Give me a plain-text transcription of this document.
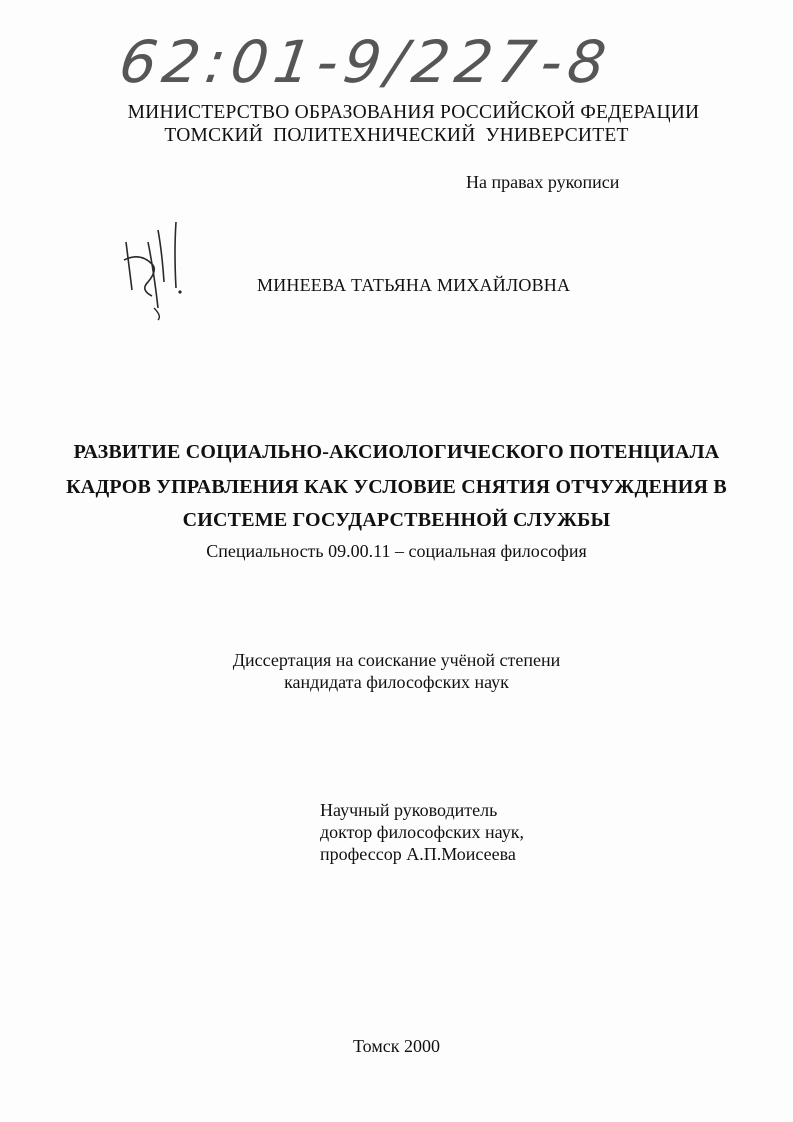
62:01-9/227-8
МИНИСТЕРСТВО ОБРАЗОВАНИЯ РОССИЙСКОЙ ФЕДЕРАЦИИ
ТОМСКИЙ ПОЛИТЕХНИЧЕСКИЙ УНИВЕРСИТЕТ
На правах рукописи
МИНЕЕВА ТАТЬЯНА МИХАЙЛОВНА
РАЗВИТИЕ СОЦИАЛЬНО-АКСИОЛОГИЧЕСКОГО ПОТЕНЦИАЛА
КАДРОВ УПРАВЛЕНИЯ КАК УСЛОВИЕ СНЯТИЯ ОТЧУЖДЕНИЯ В
СИСТЕМЕ ГОСУДАРСТВЕННОЙ СЛУЖБЫ
Специальность 09.00.11 – социальная философия
Диссертация на соискание учёной степени
кандидата философских наук
Научный руководитель
доктор философских наук,
профессор А.П.Моисеева
Томск 2000
